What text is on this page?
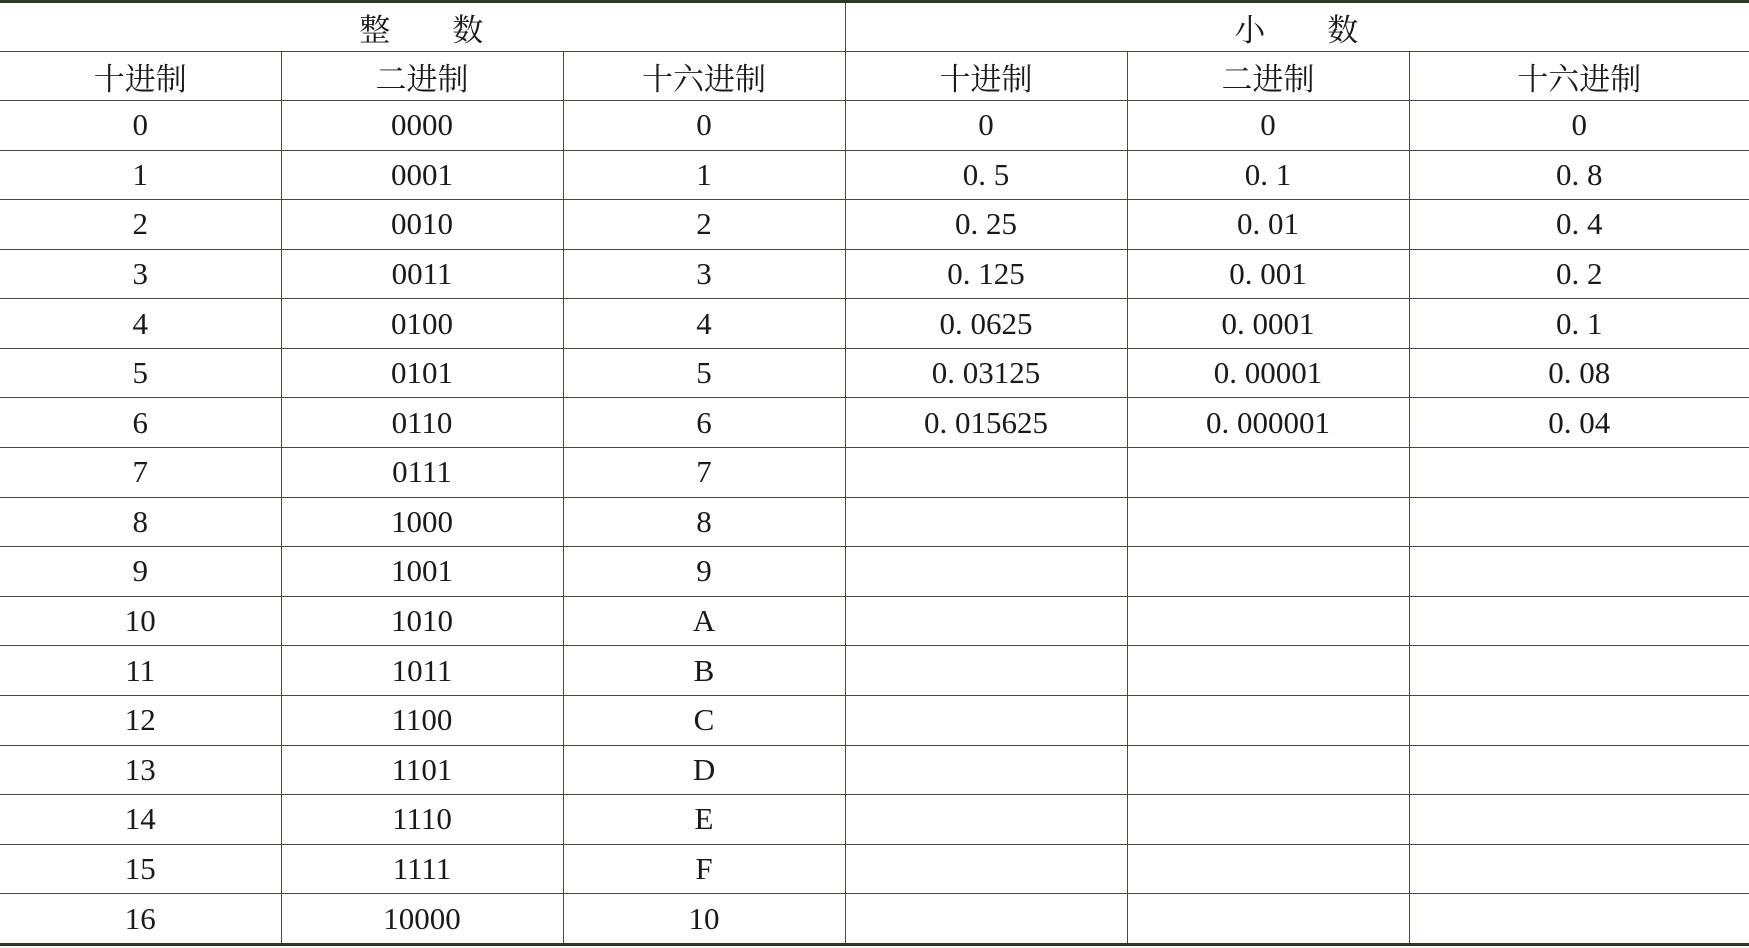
整 数			小 数		
十进制	二进制	十六进制	十进制	二进制	十六进制
0	0000	0	0	0	0
1	0001	1	0. 5	0. 1	0. 8
2	0010	2	0. 25	0. 01	0. 4
3	0011	3	0. 125	0. 001	0. 2
4	0100	4	0. 0625	0. 0001	0. 1
5	0101	5	0. 03125	0. 00001	0. 08
6	0110	6	0. 015625	0. 000001	0. 04
7	0111	7			
8	1000	8			
9	1001	9			
10	1010	A			
11	1011	B			
12	1100	C			
13	1101	D			
14	1110	E			
15	1111	F			
16	10000	10			
